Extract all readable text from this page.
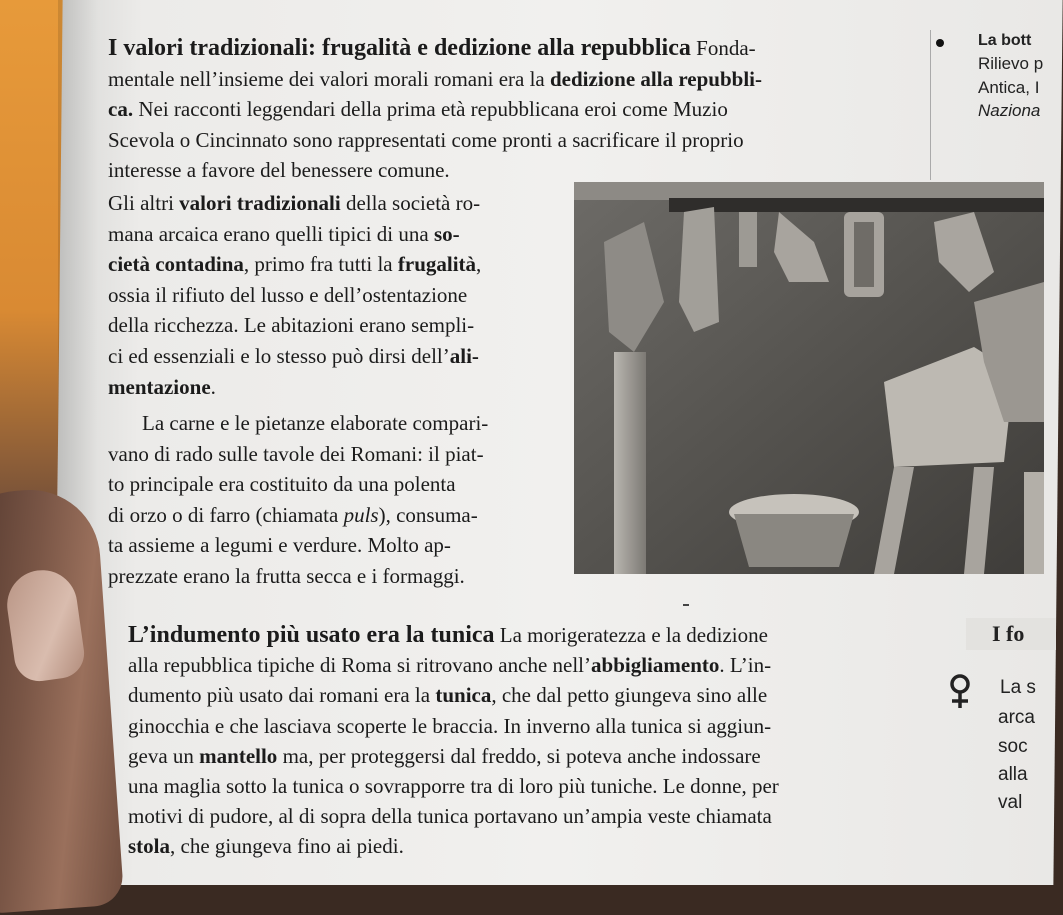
I valori tradizionali: frugalità e dedizione alla repubblica Fonda-
mentale nell’insieme dei valori morali romani era la dedizione alla repubbli-
ca. Nei racconti leggendari della prima età repubblicana eroi come Muzio
Scevola o Cincinnato sono rappresentati come pronti a sacrificare il proprio
interesse a favore del benessere comune.

Gli altri valori tradizionali della società ro-
mana arcaica erano quelli tipici di una so-
cietà contadina, primo fra tutti la frugalità,
ossia il rifiuto del lusso e dell’ostentazione
della ricchezza. Le abitazioni erano sempli-
ci ed essenziali e lo stesso può dirsi dell’ali-
mentazione.

La carne e le pietanze elaborate compari-
vano di rado sulle tavole dei Romani: il piat-
to principale era costituito da una polenta
di orzo o di farro (chiamata puls), consuma-
ta assieme a legumi e verdure. Molto ap-
prezzate erano la frutta secca e i formaggi.

L’indumento più usato era la tunica La morigeratezza e la dedizione
alla repubblica tipiche di Roma si ritrovano anche nell’abbigliamento. L’in-
dumento più usato dai romani era la tunica, che dal petto giungeva sino alle
ginocchia e che lasciava scoperte le braccia. In inverno alla tunica si aggiun-
geva un mantello ma, per proteggersi dal freddo, si poteva anche indossare
una maglia sotto la tunica o sovrapporre tra di loro più tuniche. Le donne, per
motivi di pudore, al di sopra della tunica portavano un’ampia veste chiamata
stola, che giungeva fino ai piedi.

La bott
Rilievo p
Antica, I
Naziona
I fo
La s
arca
soc
alla
val
